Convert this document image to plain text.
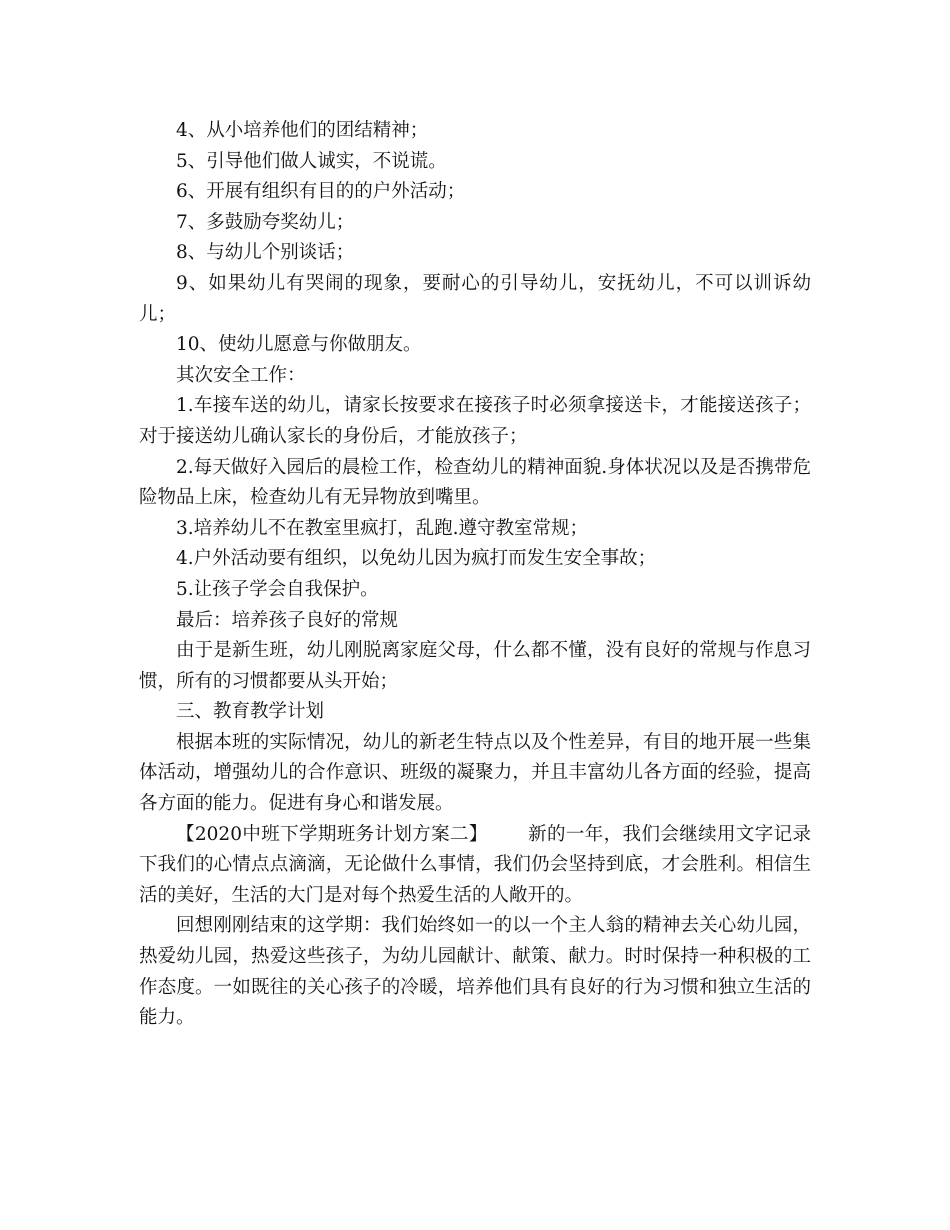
4、从小培养他们的团结精神；

5、引导他们做人诚实，不说谎。

6、开展有组织有目的的户外活动；

7、多鼓励夸奖幼儿；

8、与幼儿个别谈话；

9、如果幼儿有哭闹的现象，要耐心的引导幼儿，安抚幼儿，不可以训诉幼儿；

10、使幼儿愿意与你做朋友。

其次安全工作：

1.车接车送的幼儿，请家长按要求在接孩子时必须拿接送卡，才能接送孩子；对于接送幼儿确认家长的身份后，才能放孩子；

2.每天做好入园后的晨检工作，检查幼儿的精神面貌.身体状况以及是否携带危险物品上床，检查幼儿有无异物放到嘴里。

3.培养幼儿不在教室里疯打，乱跑.遵守教室常规；

4.户外活动要有组织，以免幼儿因为疯打而发生安全事故；

5.让孩子学会自我保护。

最后：培养孩子良好的常规

由于是新生班，幼儿刚脱离家庭父母，什么都不懂，没有良好的常规与作息习惯，所有的习惯都要从头开始；

三、教育教学计划

根据本班的实际情况，幼儿的新老生特点以及个性差异，有目的地开展一些集体活动，增强幼儿的合作意识、班级的凝聚力，并且丰富幼儿各方面的经验，提高各方面的能力。促进有身心和谐发展。

【2020中班下学期班务计划方案二】 新的一年，我们会继续用文字记录下我们的心情点点滴滴，无论做什么事情，我们仍会坚持到底，才会胜利。相信生活的美好，生活的大门是对每个热爱生活的人敞开的。

回想刚刚结束的这学期：我们始终如一的以一个主人翁的精神去关心幼儿园，热爱幼儿园，热爱这些孩子，为幼儿园献计、献策、献力。时时保持一种积极的工作态度。一如既往的关心孩子的冷暖，培养他们具有良好的行为习惯和独立生活的能力。
